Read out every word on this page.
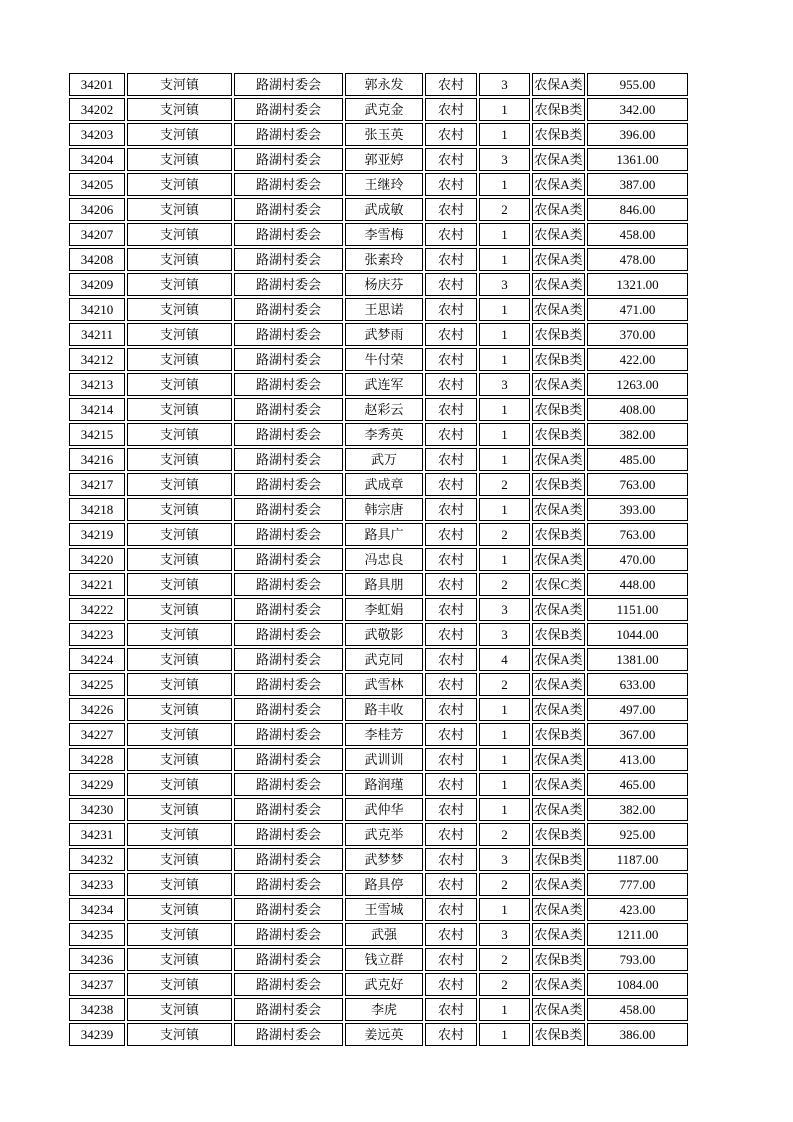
34201	支河镇	路湖村委会	郭永发	农村	3	农保A类	955.00
34202	支河镇	路湖村委会	武克金	农村	1	农保B类	342.00
34203	支河镇	路湖村委会	张玉英	农村	1	农保B类	396.00
34204	支河镇	路湖村委会	郭亚婷	农村	3	农保A类	1361.00
34205	支河镇	路湖村委会	王继玲	农村	1	农保A类	387.00
34206	支河镇	路湖村委会	武成敏	农村	2	农保A类	846.00
34207	支河镇	路湖村委会	李雪梅	农村	1	农保A类	458.00
34208	支河镇	路湖村委会	张素玲	农村	1	农保A类	478.00
34209	支河镇	路湖村委会	杨庆芬	农村	3	农保A类	1321.00
34210	支河镇	路湖村委会	王思诺	农村	1	农保A类	471.00
34211	支河镇	路湖村委会	武梦雨	农村	1	农保B类	370.00
34212	支河镇	路湖村委会	牛付荣	农村	1	农保B类	422.00
34213	支河镇	路湖村委会	武连军	农村	3	农保A类	1263.00
34214	支河镇	路湖村委会	赵彩云	农村	1	农保B类	408.00
34215	支河镇	路湖村委会	李秀英	农村	1	农保B类	382.00
34216	支河镇	路湖村委会	武万	农村	1	农保A类	485.00
34217	支河镇	路湖村委会	武成章	农村	2	农保B类	763.00
34218	支河镇	路湖村委会	韩宗唐	农村	1	农保A类	393.00
34219	支河镇	路湖村委会	路具广	农村	2	农保B类	763.00
34220	支河镇	路湖村委会	冯忠良	农村	1	农保A类	470.00
34221	支河镇	路湖村委会	路具朋	农村	2	农保C类	448.00
34222	支河镇	路湖村委会	李虹娟	农村	3	农保A类	1151.00
34223	支河镇	路湖村委会	武敬影	农村	3	农保B类	1044.00
34224	支河镇	路湖村委会	武克同	农村	4	农保A类	1381.00
34225	支河镇	路湖村委会	武雪林	农村	2	农保A类	633.00
34226	支河镇	路湖村委会	路丰收	农村	1	农保A类	497.00
34227	支河镇	路湖村委会	李桂芳	农村	1	农保B类	367.00
34228	支河镇	路湖村委会	武训训	农村	1	农保A类	413.00
34229	支河镇	路湖村委会	路润瑾	农村	1	农保A类	465.00
34230	支河镇	路湖村委会	武仲华	农村	1	农保A类	382.00
34231	支河镇	路湖村委会	武克举	农村	2	农保B类	925.00
34232	支河镇	路湖村委会	武梦梦	农村	3	农保B类	1187.00
34233	支河镇	路湖村委会	路具停	农村	2	农保A类	777.00
34234	支河镇	路湖村委会	王雪城	农村	1	农保A类	423.00
34235	支河镇	路湖村委会	武强	农村	3	农保A类	1211.00
34236	支河镇	路湖村委会	钱立群	农村	2	农保B类	793.00
34237	支河镇	路湖村委会	武克好	农村	2	农保A类	1084.00
34238	支河镇	路湖村委会	李虎	农村	1	农保A类	458.00
34239	支河镇	路湖村委会	姜远英	农村	1	农保B类	386.00
